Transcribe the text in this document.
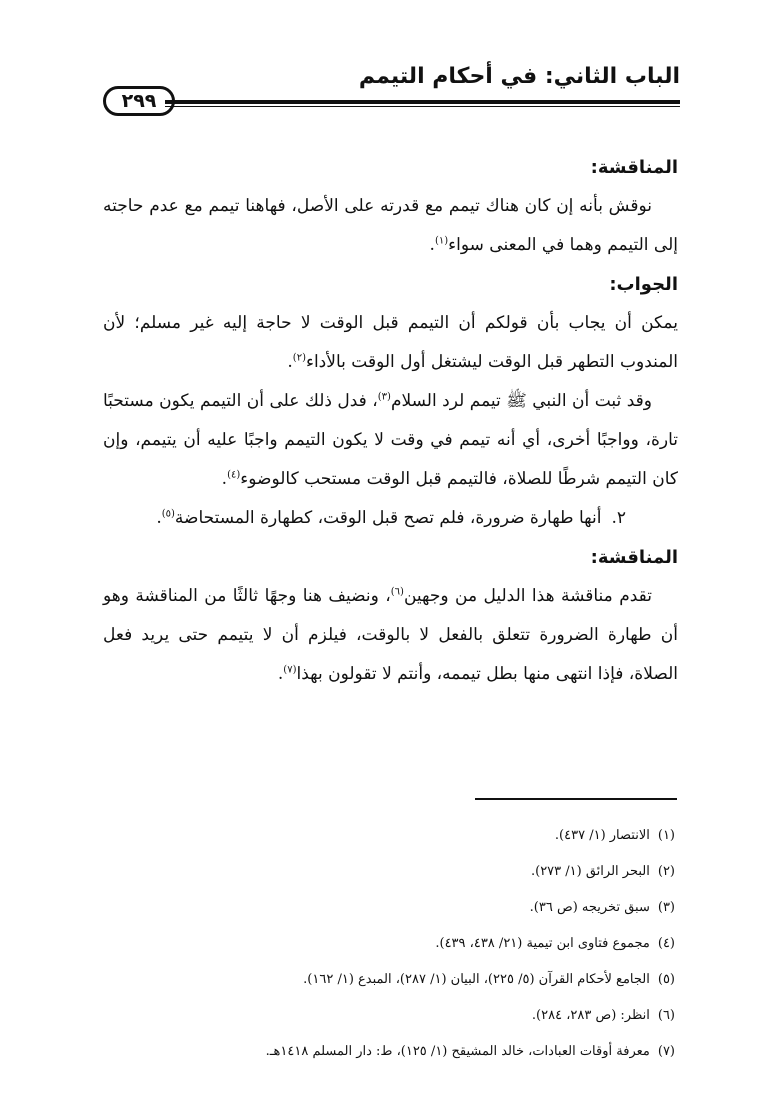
الباب الثاني: في أحكام التيمم
٢٩٩

المناقشة:

نوقش بأنه إن كان هناك تيمم مع قدرته على الأصل، فهاهنا تيمم مع عدم حاجته إلى التيمم وهما في المعنى سواء$^{(١)}$.

الجواب:

يمكن أن يجاب بأن قولكم أن التيمم قبل الوقت لا حاجة إليه غير مسلم؛ لأن المندوب التطهر قبل الوقت ليشتغل أول الوقت بالأداء$^{(٢)}$.

وقد ثبت أن النبي ﷺ تيمم لرد السلام$^{(٣)}$، فدل ذلك على أن التيمم يكون مستحبًا تارة، وواجبًا أخرى، أي أنه تيمم في وقت لا يكون التيمم واجبًا عليه أن يتيمم، وإن كان التيمم شرطًا للصلاة، فالتيمم قبل الوقت مستحب كالوضوء$^{(٤)}$.

٢.أنها طهارة ضرورة، فلم تصح قبل الوقت، كطهارة المستحاضة$^{(٥)}$.

المناقشة:

تقدم مناقشة هذا الدليل من وجهين$^{(٦)}$، ونضيف هنا وجهًا ثالثًا من المناقشة وهو أن طهارة الضرورة تتعلق بالفعل لا بالوقت، فيلزم أن لا يتيمم حتى يريد فعل الصلاة، فإذا انتهى منها بطل تيممه، وأنتم لا تقولون بهذا$^{(٧)}$.

(١)الانتصار (١/ ٤٣٧).
(٢)البحر الرائق (١/ ٢٧٣).
(٣)سبق تخريجه (ص ٣٦).
(٤)مجموع فتاوى ابن تيمية (٢١/ ٤٣٨، ٤٣٩).
(٥)الجامع لأحكام القرآن (٥/ ٢٢٥)، البيان (١/ ٢٨٧)، المبدع (١/ ١٦٢).
(٦)انظر: (ص ٢٨٣، ٢٨٤).
(٧)معرفة أوقات العبادات، خالد المشيقح (١/ ١٢٥)، ط: دار المسلم ١٤١٨هـ.
